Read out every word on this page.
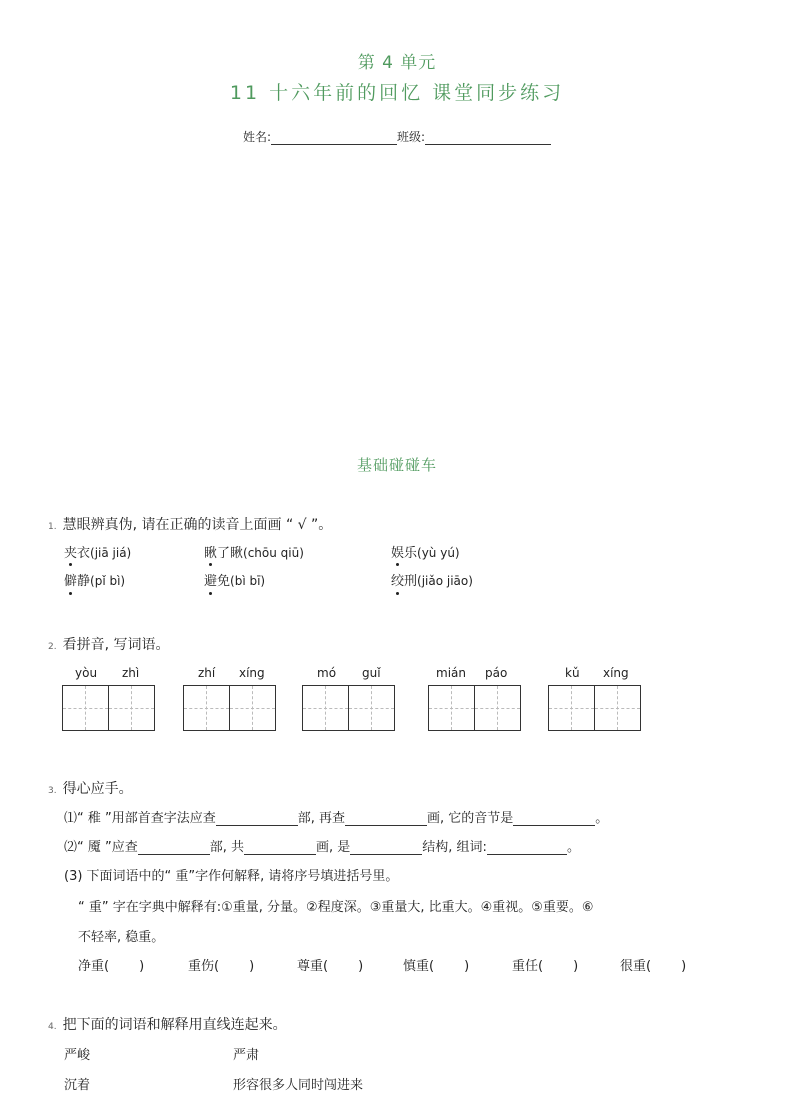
第 4 单元
11 十六年前的回忆 课堂同步练习
姓名:	班级:
基础碰碰车
1. 慧眼辨真伪, 请在正确的读音上面画 “ √ ”。
夹衣(jiā jiá)	瞅了瞅(chōu qiū)	娱乐(yù yú)
僻静(pǐ bì)	避免(bì bī)	绞刑(jiǎo jiāo)
2. 看拼音, 写词语。
yòu zhì	zhí xíng	mó guǐ	mián páo	kǔ xíng
3. 得心应手。
⑴“ 稚 ”用部首查字法应查	部, 再查	画, 它的音节是	。
⑵“ 魇 ”应查	部, 共	画, 是	结构, 组词:	。
(3) 下面词语中的“ 重”字作何解释, 请将序号填进括号里。
“ 重” 字在字典中解释有:①重量, 分量。②程度深。③重量大, 比重大。④重视。⑤重要。⑥
不轻率, 稳重。
净重( )	重伤( )	尊重( )	慎重( )	重任( )	很重( )
4. 把下面的词语和解释用直线连起来。
严峻	严肃
沉着	形容很多人同时闯进来
